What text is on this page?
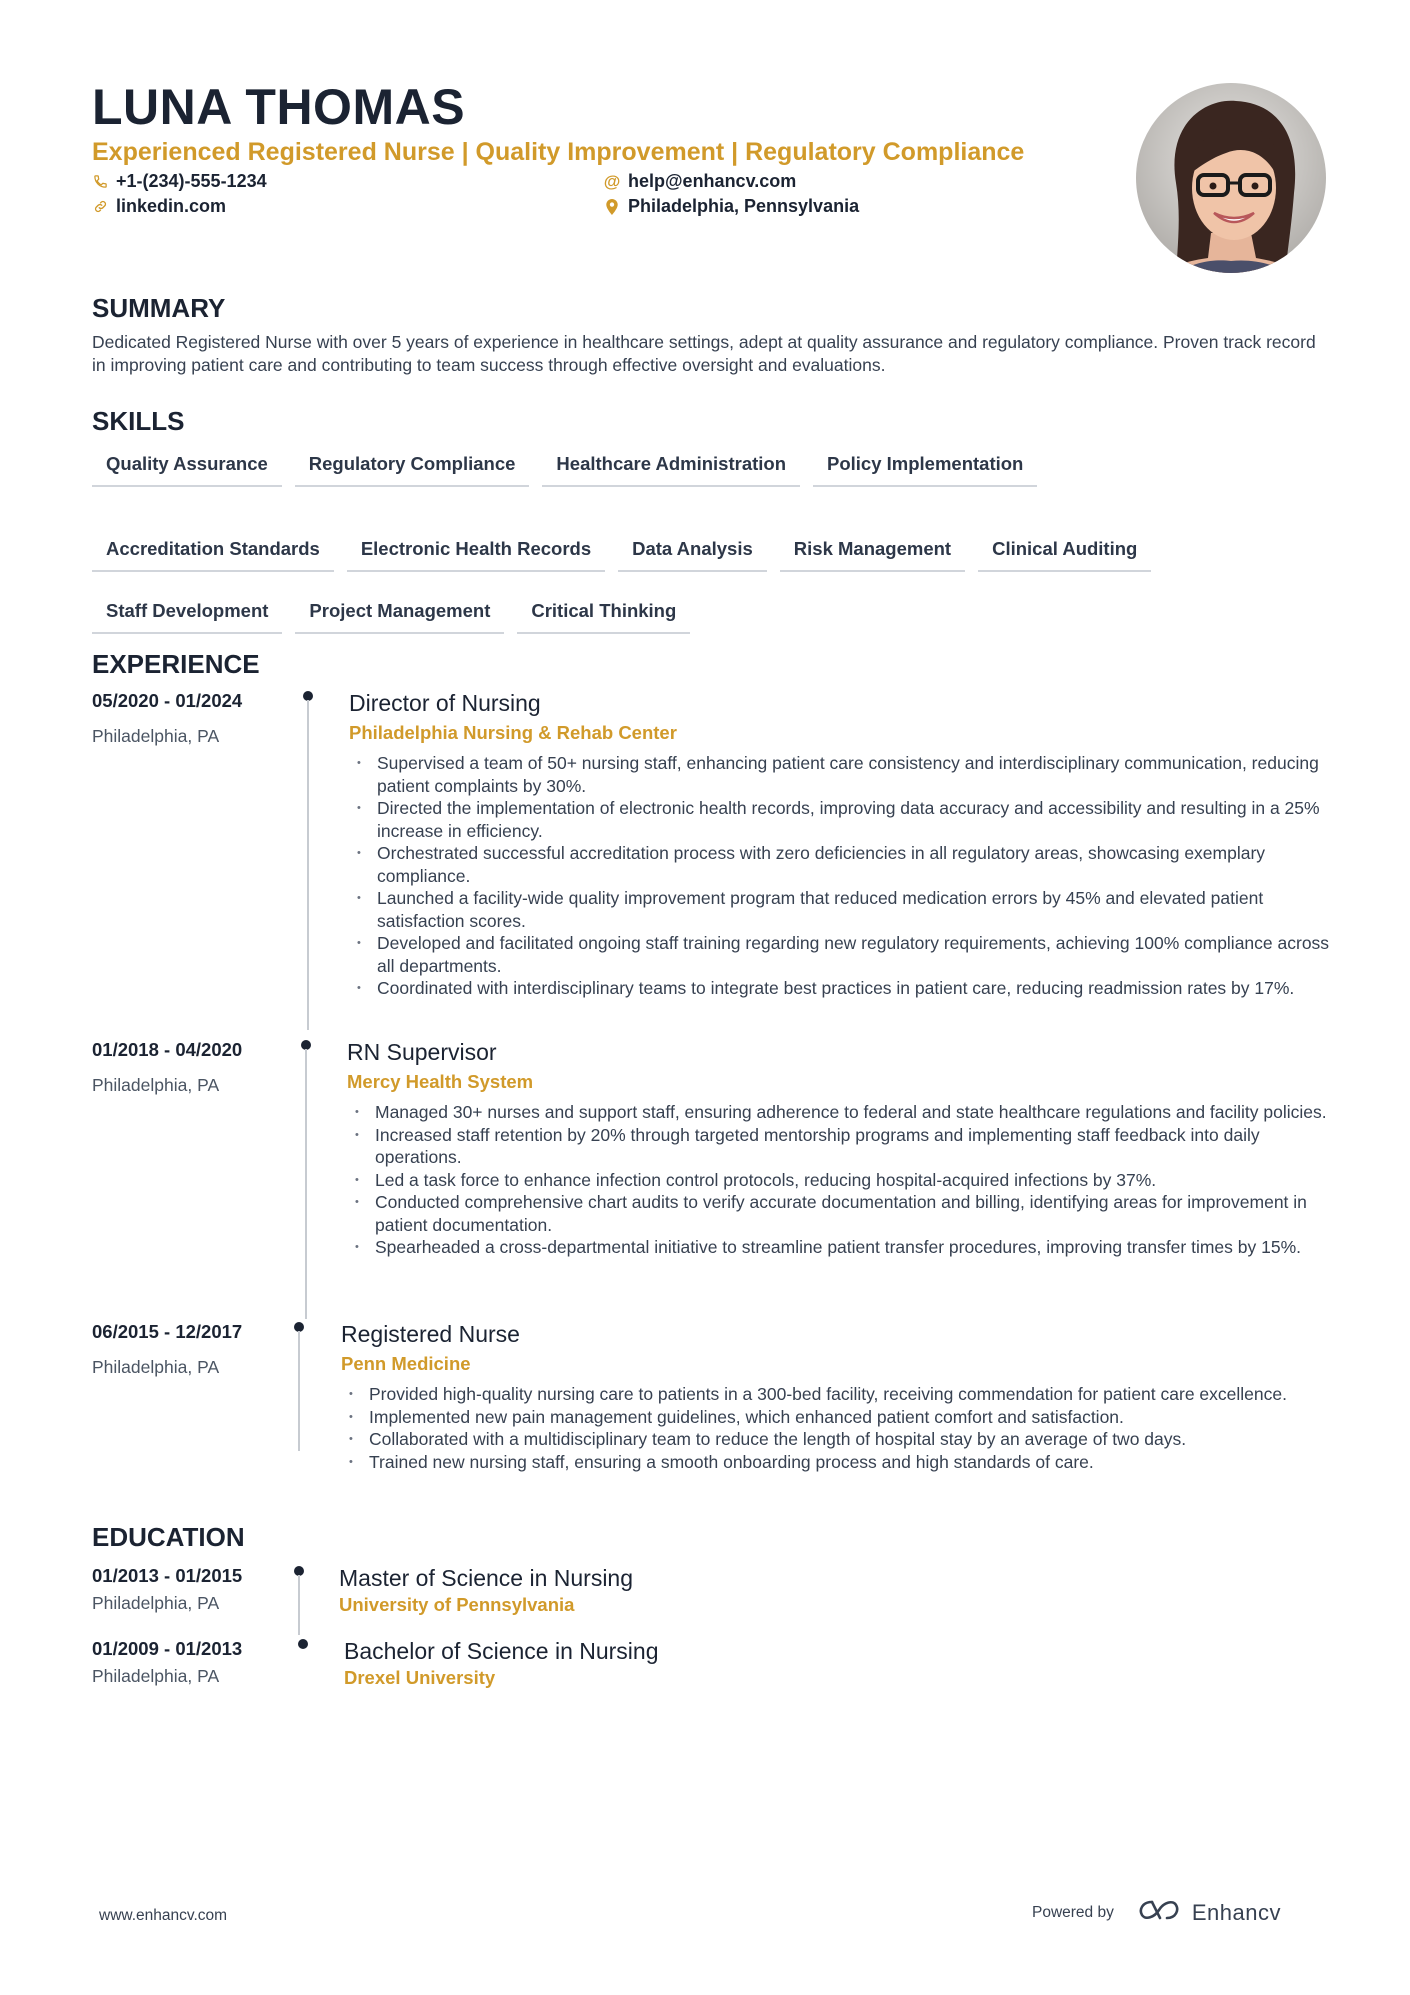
LUNA THOMAS
Experienced Registered Nurse | Quality Improvement | Regulatory Compliance
+1-(234)-555-1234
linkedin.com
@ help@enhancv.com
Philadelphia, Pennsylvania
SUMMARY
Dedicated Registered Nurse with over 5 years of experience in healthcare settings, adept at quality assurance and regulatory compliance. Proven track record in improving patient care and contributing to team success through effective oversight and evaluations.
SKILLS
Quality Assurance	Regulatory Compliance	Healthcare Administration	Policy Implementation
Accreditation Standards	Electronic Health Records	Data Analysis	Risk Management	Clinical Auditing
Staff Development	Project Management	Critical Thinking
EXPERIENCE
05/2020 - 01/2024
Philadelphia, PA
Director of Nursing
Philadelphia Nursing & Rehab Center
• Supervised a team of 50+ nursing staff, enhancing patient care consistency and interdisciplinary communication, reducing patient complaints by 30%.
• Directed the implementation of electronic health records, improving data accuracy and accessibility and resulting in a 25% increase in efficiency.
• Orchestrated successful accreditation process with zero deficiencies in all regulatory areas, showcasing exemplary compliance.
• Launched a facility-wide quality improvement program that reduced medication errors by 45% and elevated patient satisfaction scores.
• Developed and facilitated ongoing staff training regarding new regulatory requirements, achieving 100% compliance across all departments.
• Coordinated with interdisciplinary teams to integrate best practices in patient care, reducing readmission rates by 17%.
01/2018 - 04/2020
Philadelphia, PA
RN Supervisor
Mercy Health System
• Managed 30+ nurses and support staff, ensuring adherence to federal and state healthcare regulations and facility policies.
• Increased staff retention by 20% through targeted mentorship programs and implementing staff feedback into daily operations.
• Led a task force to enhance infection control protocols, reducing hospital-acquired infections by 37%.
• Conducted comprehensive chart audits to verify accurate documentation and billing, identifying areas for improvement in patient documentation.
• Spearheaded a cross-departmental initiative to streamline patient transfer procedures, improving transfer times by 15%.
06/2015 - 12/2017
Philadelphia, PA
Registered Nurse
Penn Medicine
• Provided high-quality nursing care to patients in a 300-bed facility, receiving commendation for patient care excellence.
• Implemented new pain management guidelines, which enhanced patient comfort and satisfaction.
• Collaborated with a multidisciplinary team to reduce the length of hospital stay by an average of two days.
• Trained new nursing staff, ensuring a smooth onboarding process and high standards of care.
EDUCATION
01/2013 - 01/2015
Philadelphia, PA
Master of Science in Nursing
University of Pennsylvania
01/2009 - 01/2013
Philadelphia, PA
Bachelor of Science in Nursing
Drexel University
www.enhancv.com	Powered by	Enhancv
